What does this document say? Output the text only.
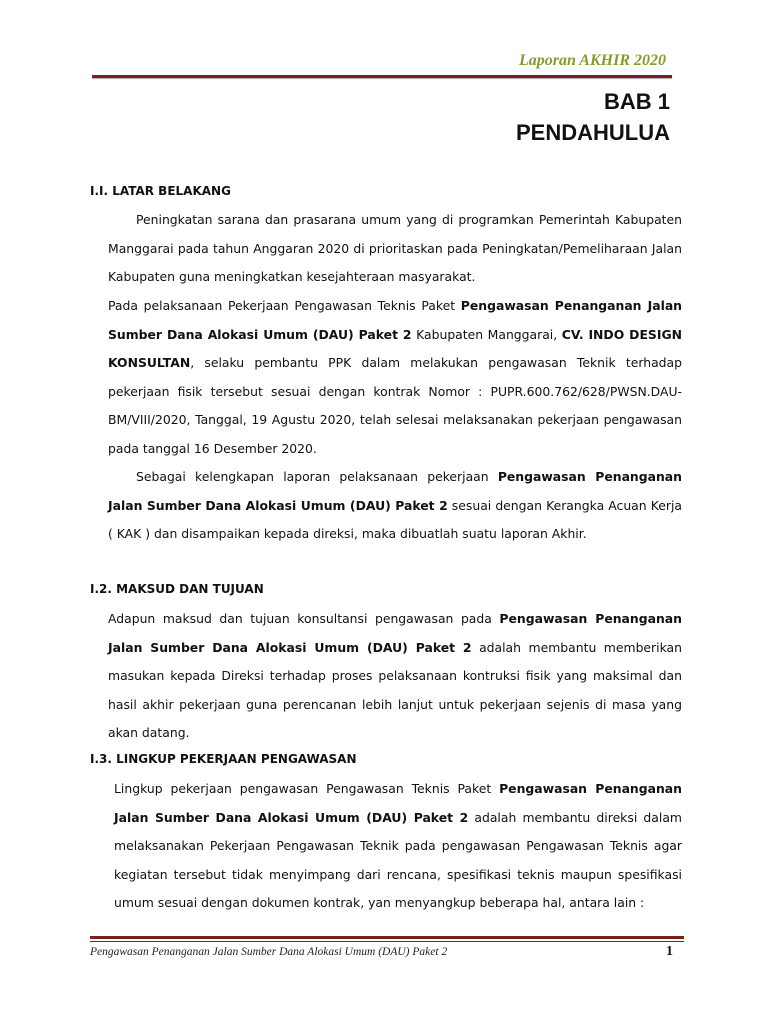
Laporan AKHIR 2020
BAB 1
PENDAHULUA
I.I. LATAR BELAKANG
Peningkatan sarana dan prasarana umum yang di programkan Pemerintah Kabupaten Manggarai pada tahun Anggaran 2020 di prioritaskan pada Peningkatan/Pemeliharaan Jalan Kabupaten guna meningkatkan kesejahteraan masyarakat.
Pada pelaksanaan Pekerjaan Pengawasan Teknis Paket Pengawasan Penanganan Jalan Sumber Dana Alokasi Umum (DAU) Paket 2 Kabupaten Manggarai, CV. INDO DESIGN KONSULTAN, selaku pembantu PPK dalam melakukan pengawasan Teknik terhadap pekerjaan fisik tersebut sesuai dengan kontrak Nomor : PUPR.600.762/628/PWSN.DAU-BM/VIII/2020, Tanggal, 19 Agustu 2020, telah selesai melaksanakan pekerjaan pengawasan pada tanggal 16 Desember 2020.
Sebagai kelengkapan laporan pelaksanaan pekerjaan Pengawasan Penanganan Jalan Sumber Dana Alokasi Umum (DAU) Paket 2 sesuai dengan Kerangka Acuan Kerja ( KAK ) dan disampaikan kepada direksi, maka dibuatlah suatu laporan Akhir.
I.2. MAKSUD DAN TUJUAN
Adapun maksud dan tujuan konsultansi pengawasan pada Pengawasan Penanganan Jalan Sumber Dana Alokasi Umum (DAU) Paket 2 adalah membantu memberikan masukan kepada Direksi terhadap proses pelaksanaan kontruksi fisik yang maksimal dan hasil akhir pekerjaan guna perencanan lebih lanjut untuk pekerjaan sejenis di masa yang akan datang.
I.3. LINGKUP PEKERJAAN PENGAWASAN
Lingkup pekerjaan pengawasan Pengawasan Teknis Paket Pengawasan Penanganan Jalan Sumber Dana Alokasi Umum (DAU) Paket 2 adalah membantu direksi dalam melaksanakan Pekerjaan Pengawasan Teknik pada pengawasan Pengawasan Teknis agar kegiatan tersebut tidak menyimpang dari rencana, spesifikasi teknis maupun spesifikasi umum sesuai dengan dokumen kontrak, yan menyangkup beberapa hal, antara lain :
Pengawasan Penanganan Jalan Sumber Dana Alokasi Umum (DAU) Paket 2	1
